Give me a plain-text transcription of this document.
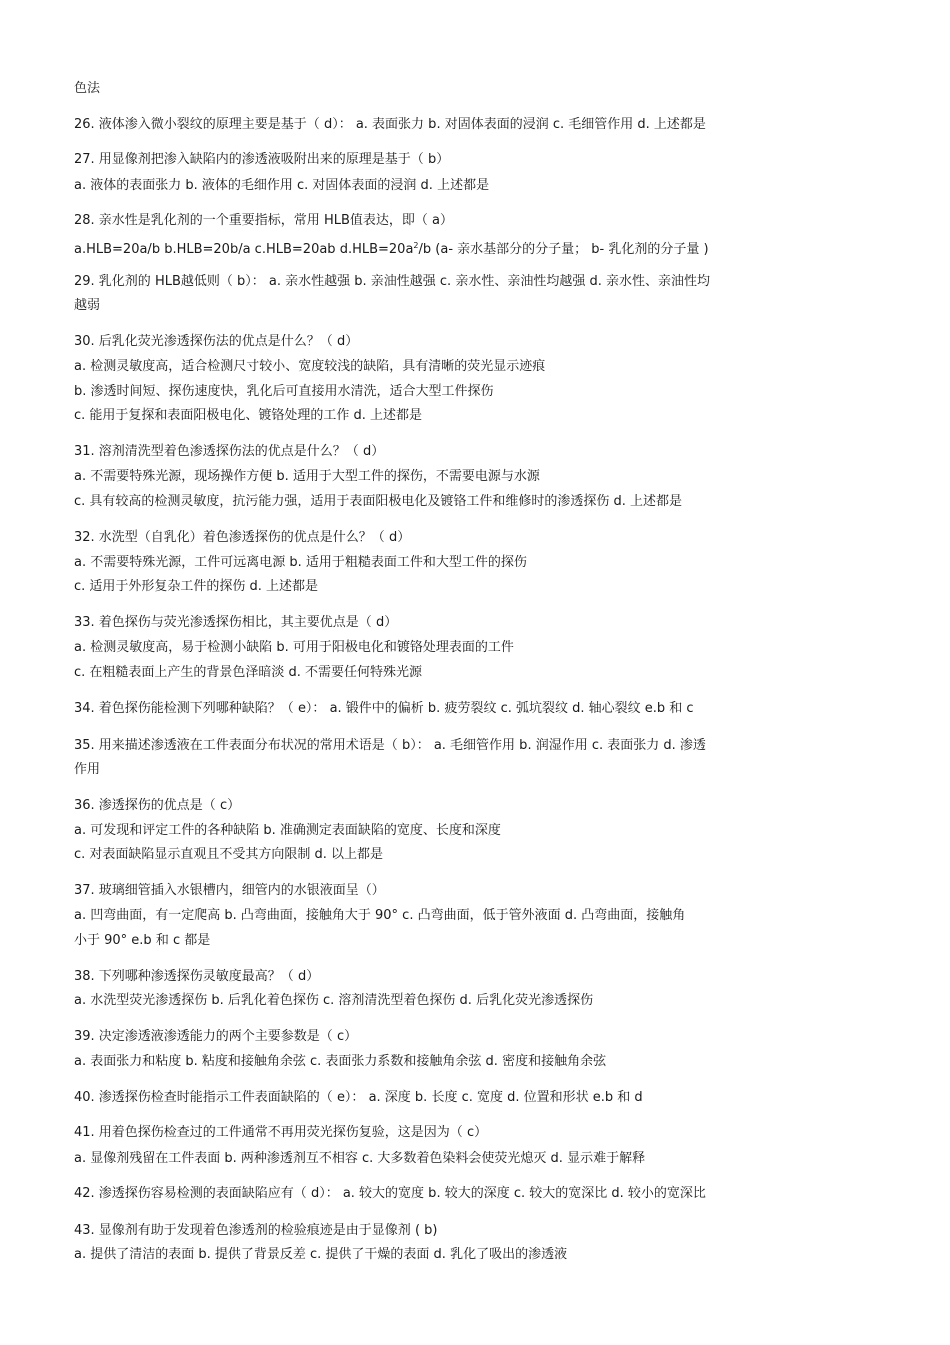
色法
26. 液体渗入微小裂纹的原理主要是基于（ d）： a. 表面张力 b. 对固体表面的浸润 c. 毛细管作用 d. 上述都是
27. 用显像剂把渗入缺陷内的渗透液吸附出来的原理是基于（ b）
a. 液体的表面张力 b. 液体的毛细作用 c. 对固体表面的浸润 d. 上述都是
28. 亲水性是乳化剂的一个重要指标，常用 HLB值表达，即（ a）
a.HLB=20a/b b.HLB=20b/a c.HLB=20ab $d.HLB=20a^2/b$ (a- 亲水基部分的分子量； b- 乳化剂的分子量 )
29. 乳化剂的 HLB越低则（ b）： a. 亲水性越强 b. 亲油性越强 c. 亲水性、亲油性均越强 d. 亲水性、亲油性均
越弱
30. 后乳化荧光渗透探伤法的优点是什么？（ d）
a. 检测灵敏度高，适合检测尺寸较小、宽度较浅的缺陷，具有清晰的荧光显示迹痕
b. 渗透时间短、探伤速度快，乳化后可直接用水清洗，适合大型工件探伤
c. 能用于复探和表面阳极电化、镀铬处理的工作 d. 上述都是
31. 溶剂清洗型着色渗透探伤法的优点是什么？（ d）
a. 不需要特殊光源，现场操作方便 b. 适用于大型工件的探伤，不需要电源与水源
c. 具有较高的检测灵敏度，抗污能力强，适用于表面阳极电化及镀铬工件和维修时的渗透探伤 d. 上述都是
32. 水洗型（自乳化）着色渗透探伤的优点是什么？（ d）
a. 不需要特殊光源，工件可远离电源 b. 适用于粗糙表面工件和大型工件的探伤
c. 适用于外形复杂工件的探伤 d. 上述都是
33. 着色探伤与荧光渗透探伤相比，其主要优点是（ d）
a. 检测灵敏度高，易于检测小缺陷 b. 可用于阳极电化和镀铬处理表面的工件
c. 在粗糙表面上产生的背景色泽暗淡 d. 不需要任何特殊光源
34. 着色探伤能检测下列哪种缺陷？（ e）： a. 锻件中的偏析 b. 疲劳裂纹 c. 弧坑裂纹 d. 轴心裂纹 e.b 和 c
35. 用来描述渗透液在工件表面分布状况的常用术语是（ b）： a. 毛细管作用 b. 润湿作用 c. 表面张力 d. 渗透
作用
36. 渗透探伤的优点是（ c）
a. 可发现和评定工件的各种缺陷 b. 准确测定表面缺陷的宽度、长度和深度
c. 对表面缺陷显示直观且不受其方向限制 d. 以上都是
37. 玻璃细管插入水银槽内，细管内的水银液面呈（）
a. 凹弯曲面，有一定爬高 b. 凸弯曲面，接触角大于 90° c. 凸弯曲面，低于管外液面 d. 凸弯曲面，接触角
小于 90° e.b 和 c 都是
38. 下列哪种渗透探伤灵敏度最高？（ d）
a. 水洗型荧光渗透探伤 b. 后乳化着色探伤 c. 溶剂清洗型着色探伤 d. 后乳化荧光渗透探伤
39. 决定渗透液渗透能力的两个主要参数是（ c）
a. 表面张力和粘度 b. 粘度和接触角余弦 c. 表面张力系数和接触角余弦 d. 密度和接触角余弦
40. 渗透探伤检查时能指示工件表面缺陷的（ e）： a. 深度 b. 长度 c. 宽度 d. 位置和形状 e.b 和 d
41. 用着色探伤检查过的工件通常不再用荧光探伤复验，这是因为（ c）
a. 显像剂残留在工件表面 b. 两种渗透剂互不相容 c. 大多数着色染料会使荧光熄灭 d. 显示难于解释
42. 渗透探伤容易检测的表面缺陷应有（ d）： a. 较大的宽度 b. 较大的深度 c. 较大的宽深比 d. 较小的宽深比
43. 显像剂有助于发现着色渗透剂的检验痕迹是由于显像剂 ( b)
a. 提供了清洁的表面 b. 提供了背景反差 c. 提供了干燥的表面 d. 乳化了吸出的渗透液
